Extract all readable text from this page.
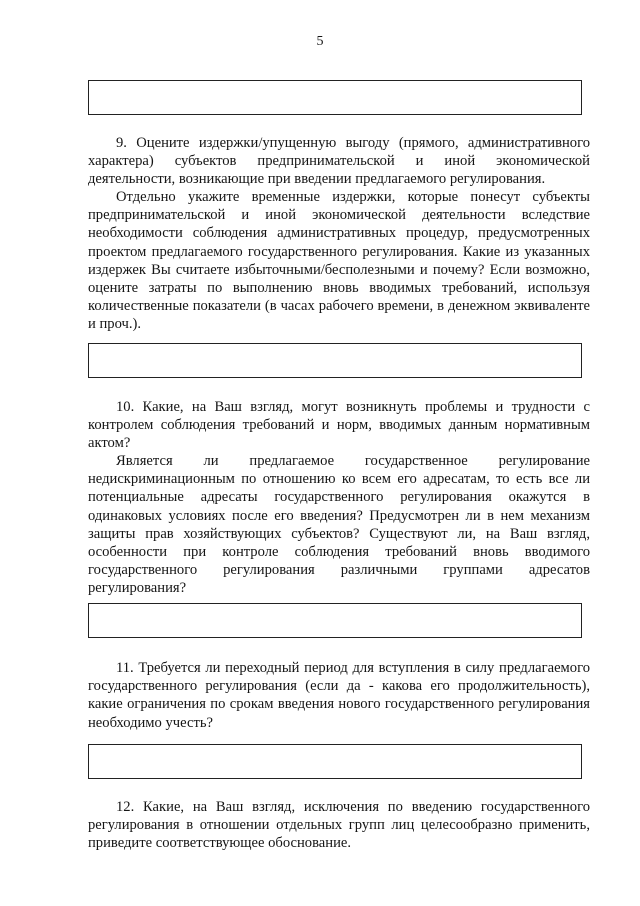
5

9. Оцените издержки/упущенную выгоду (прямого, административного характера) субъектов предпринимательской и иной экономической деятельности, возникающие при введении предлагаемого регулирования.

Отдельно укажите временные издержки, которые понесут субъекты предпринимательской и иной экономической деятельности вследствие необходимости соблюдения административных процедур, предусмотренных проектом предлагаемого государственного регулирования. Какие из указанных издержек Вы считаете избыточными/бесполезными и почему? Если возможно, оцените затраты по выполнению вновь вводимых требований, используя количественные показатели (в часах рабочего времени, в денежном эквиваленте и проч.).

10. Какие, на Ваш взгляд, могут возникнуть проблемы и трудности с контролем соблюдения требований и норм, вводимых данным нормативным актом?

Является ли предлагаемое государственное регулирование недискриминационным по отношению ко всем его адресатам, то есть все ли потенциальные адресаты государственного регулирования окажутся в одинаковых условиях после его введения? Предусмотрен ли в нем механизм защиты прав хозяйствующих субъектов? Существуют ли, на Ваш взгляд, особенности при контроле соблюдения требований вновь вводимого государственного регулирования различными группами адресатов регулирования?

11. Требуется ли переходный период для вступления в силу предлагаемого государственного регулирования (если да - какова его продолжительность), какие ограничения по срокам введения нового государственного регулирования необходимо учесть?

12. Какие, на Ваш взгляд, исключения по введению государственного регулирования в отношении отдельных групп лиц целесообразно применить, приведите соответствующее обоснование.
